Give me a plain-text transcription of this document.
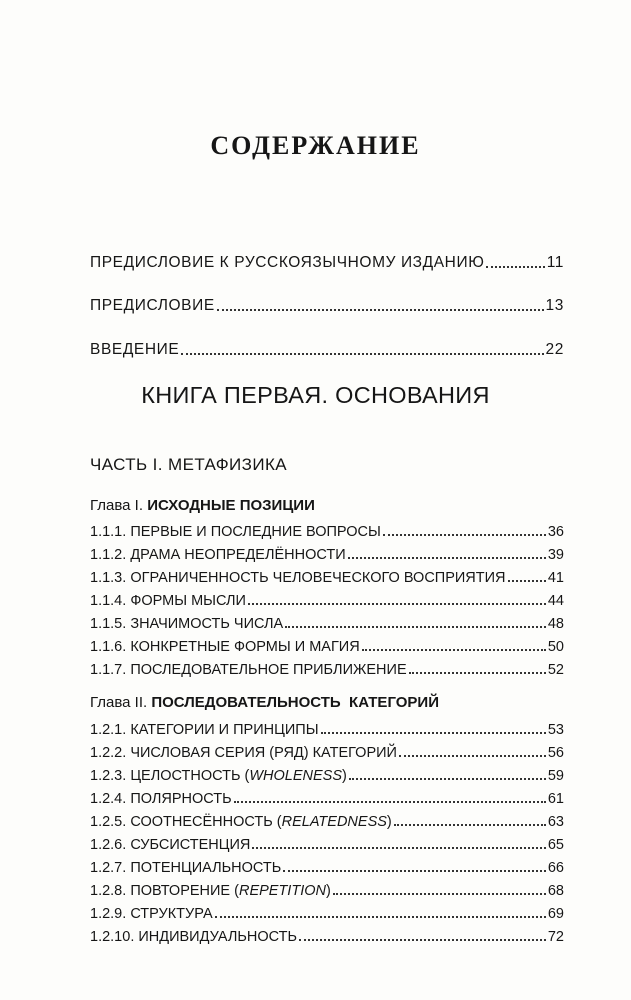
СОДЕРЖАНИЕ
ПРЕДИСЛОВИЕ К РУССКОЯЗЫЧНОМУ ИЗДАНИЮ	11
ПРЕДИСЛОВИЕ	13
ВВЕДЕНИЕ	22
КНИГА ПЕРВАЯ. ОСНОВАНИЯ
ЧАСТЬ I. МЕТАФИЗИКА
Глава I. ИСХОДНЫЕ ПОЗИЦИИ
1.1.1. ПЕРВЫЕ И ПОСЛЕДНИЕ ВОПРОСЫ	36
1.1.2. ДРАМА НЕОПРЕДЕЛЁННОСТИ	39
1.1.3. ОГРАНИЧЕННОСТЬ ЧЕЛОВЕЧЕСКОГО ВОСПРИЯТИЯ	41
1.1.4. ФОРМЫ МЫСЛИ	44
1.1.5. ЗНАЧИМОСТЬ ЧИСЛА	48
1.1.6. КОНКРЕТНЫЕ ФОРМЫ И МАГИЯ	50
1.1.7. ПОСЛЕДОВАТЕЛЬНОЕ ПРИБЛИЖЕНИЕ	52
Глава II. ПОСЛЕДОВАТЕЛЬНОСТЬ  КАТЕГОРИЙ
1.2.1. КАТЕГОРИИ И ПРИНЦИПЫ	53
1.2.2. ЧИСЛОВАЯ СЕРИЯ (РЯД) КАТЕГОРИЙ	56
1.2.3. ЦЕЛОСТНОСТЬ (WHOLENESS)	59
1.2.4. ПОЛЯРНОСТЬ	61
1.2.5. СООТНЕСЁННОСТЬ (RELATEDNESS)	63
1.2.6. СУБСИСТЕНЦИЯ	65
1.2.7. ПОТЕНЦИАЛЬНОСТЬ	66
1.2.8. ПОВТОРЕНИЕ (REPETITION)	68
1.2.9. СТРУКТУРА	69
1.2.10. ИНДИВИДУАЛЬНОСТЬ	72
